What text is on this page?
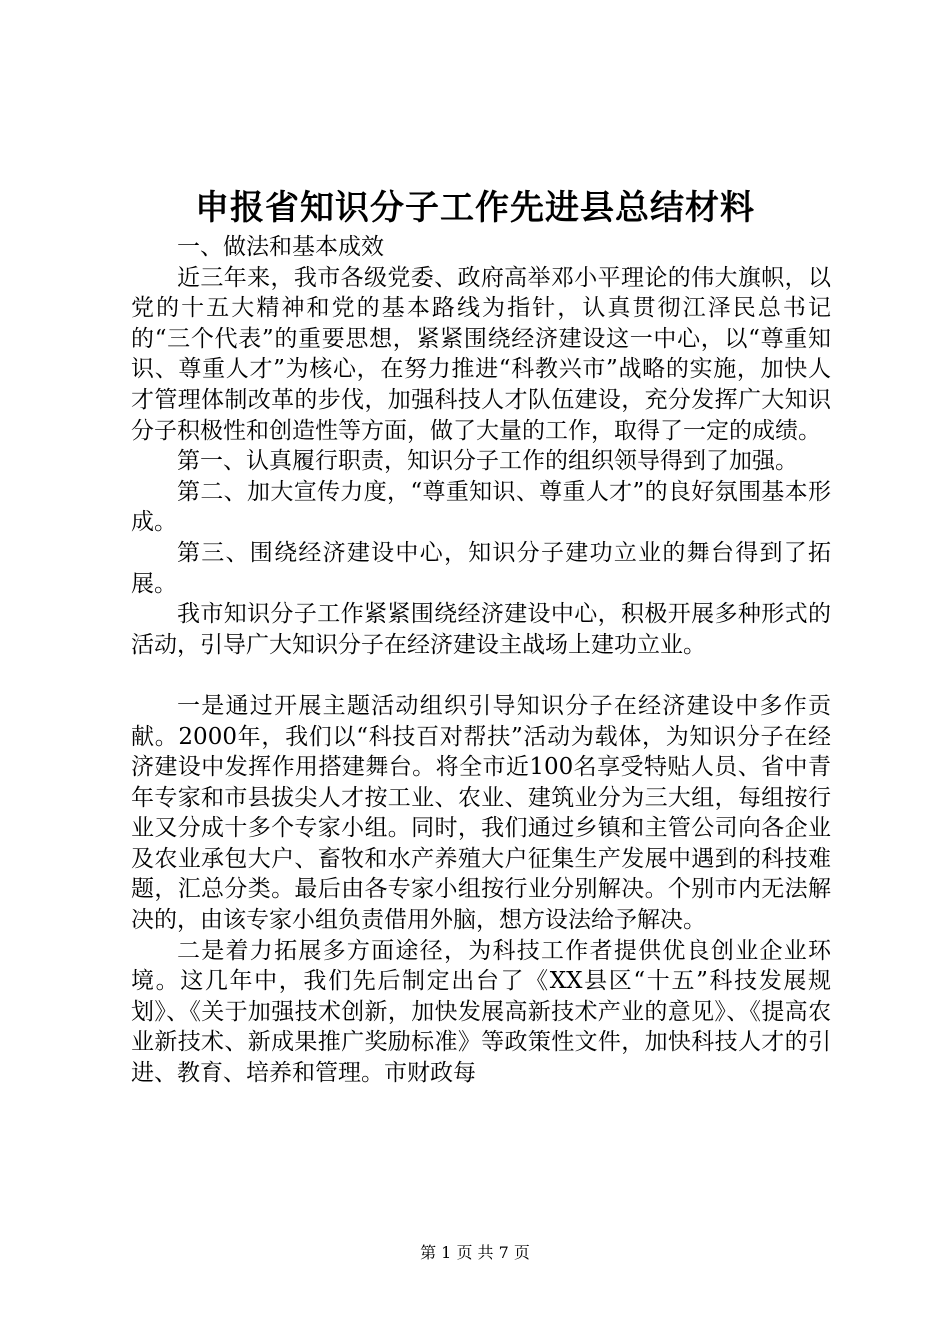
申报省知识分子工作先进县总结材料

一、做法和基本成效

近三年来，我市各级党委、政府高举邓小平理论的伟大旗帜，以党的十五大精神和党的基本路线为指针，认真贯彻江泽民总书记的“三个代表”的重要思想，紧紧围绕经济建设这一中心，以“尊重知识、尊重人才”为核心，在努力推进“科教兴市”战略的实施，加快人才管理体制改革的步伐，加强科技人才队伍建设，充分发挥广大知识分子积极性和创造性等方面，做了大量的工作，取得了一定的成绩。

第一、认真履行职责，知识分子工作的组织领导得到了加强。

第二、加大宣传力度，“尊重知识、尊重人才”的良好氛围基本形成。

第三、围绕经济建设中心，知识分子建功立业的舞台得到了拓展。

我市知识分子工作紧紧围绕经济建设中心，积极开展多种形式的活动，引导广大知识分子在经济建设主战场上建功立业。

一是通过开展主题活动组织引导知识分子在经济建设中多作贡献。2000年，我们以“科技百对帮扶”活动为载体，为知识分子在经济建设中发挥作用搭建舞台。将全市近100名享受特贴人员、省中青年专家和市县拔尖人才按工业、农业、建筑业分为三大组，每组按行业又分成十多个专家小组。同时，我们通过乡镇和主管公司向各企业及农业承包大户、畜牧和水产养殖大户征集生产发展中遇到的科技难题，汇总分类。最后由各专家小组按行业分别解决。个别市内无法解决的，由该专家小组负责借用外脑，想方设法给予解决。

二是着力拓展多方面途径，为科技工作者提供优良创业企业环境。这几年中，我们先后制定出台了《XX县区“十五”科技发展规划》、《关于加强技术创新，加快发展高新技术产业的意见》、《提高农业新技术、新成果推广奖励标准》等政策性文件，加快科技人才的引进、教育、培养和管理。市财政每

第 1 页 共 7 页
